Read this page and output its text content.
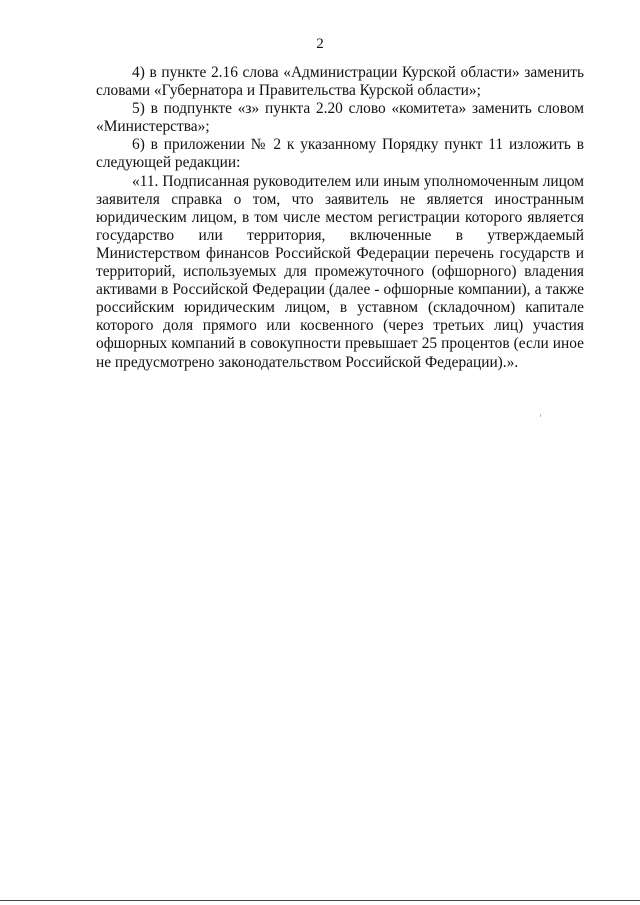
2

4) в пункте 2.16 слова «Администрации Курской области» заменить словами «Губернатора и Правительства Курской области»;

5) в подпункте «з» пункта 2.20 слово «комитета» заменить словом «Министерства»;

6) в приложении № 2 к указанному Порядку пункт 11 изложить в следующей редакции:

«11. Подписанная руководителем или иным уполномоченным лицом заявителя справка о том, что заявитель не является иностранным юридическим лицом, в том числе местом регистрации которого является государство или территория, включенные в утверждаемый Министерством финансов Российской Федерации перечень государств и территорий, используемых для промежуточного (офшорного) владения активами в Российской Федерации (далее - офшорные компании), а также российским юридическим лицом, в уставном (складочном) капитале которого доля прямого или косвенного (через третьих лиц) участия офшорных компаний в совокупности превышает 25 процентов (если иное не предусмотрено законодательством Российской Федерации).».
